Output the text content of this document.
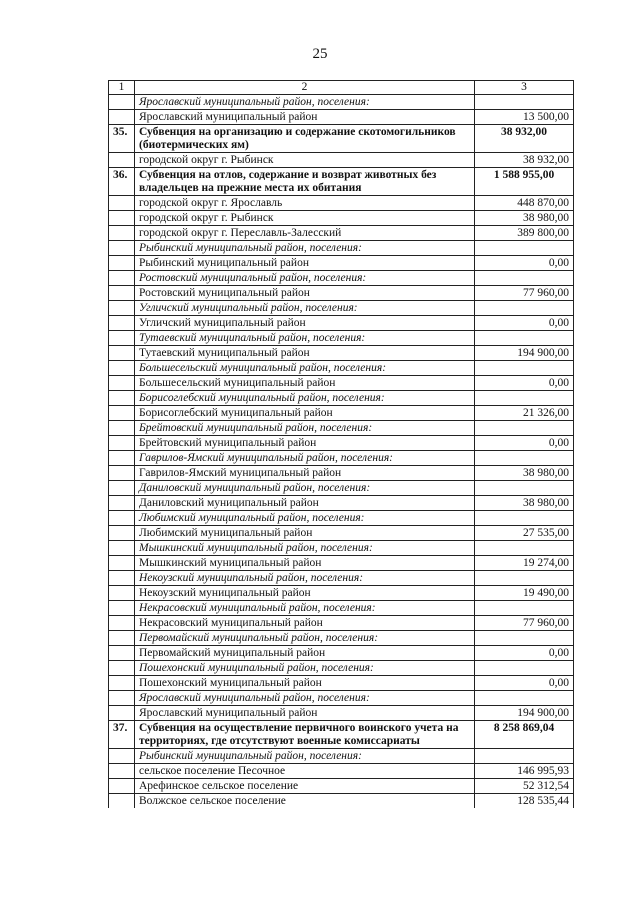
25
1	2	3
	Ярославский муниципальный район, поселения:	
	Ярославский муниципальный район	13 500,00
35.	Субвенция на организацию и содержание скотомогильников (биотермических ям)	38 932,00
	городской округ г. Рыбинск	38 932,00
36.	Субвенция на отлов, содержание и возврат животных без владельцев на прежние места их обитания	1 588 955,00
	городской округ г. Ярославль	448 870,00
	городской округ г. Рыбинск	38 980,00
	городской округ г. Переславль-Залесский	389 800,00
	Рыбинский муниципальный район, поселения:	
	Рыбинский муниципальный район	0,00
	Ростовский муниципальный район, поселения:	
	Ростовский муниципальный район	77 960,00
	Угличский муниципальный район, поселения:	
	Угличский муниципальный район	0,00
	Тутаевский муниципальный район, поселения:	
	Тутаевский муниципальный район	194 900,00
	Большесельский муниципальный район, поселения:	
	Большесельский муниципальный район	0,00
	Борисоглебский муниципальный район, поселения:	
	Борисоглебский муниципальный район	21 326,00
	Брейтовский муниципальный район, поселения:	
	Брейтовский муниципальный район	0,00
	Гаврилов-Ямский муниципальный район, поселения:	
	Гаврилов-Ямский муниципальный район	38 980,00
	Даниловский муниципальный район, поселения:	
	Даниловский муниципальный район	38 980,00
	Любимский муниципальный район, поселения:	
	Любимский муниципальный район	27 535,00
	Мышкинский муниципальный район, поселения:	
	Мышкинский муниципальный район	19 274,00
	Некоузский муниципальный район, поселения:	
	Некоузский муниципальный район	19 490,00
	Некрасовский муниципальный район, поселения:	
	Некрасовский муниципальный район	77 960,00
	Первомайский муниципальный район, поселения:	
	Первомайский муниципальный район	0,00
	Пошехонский муниципальный район, поселения:	
	Пошехонский муниципальный район	0,00
	Ярославский муниципальный район, поселения:	
	Ярославский муниципальный район	194 900,00
37.	Субвенция на осуществление первичного воинского учета на территориях, где отсутствуют военные комиссариаты	8 258 869,04
	Рыбинский муниципальный район, поселения:	
	сельское поселение Песочное	146 995,93
	Арефинское сельское поселение	52 312,54
	Волжское сельское поселение	128 535,44
